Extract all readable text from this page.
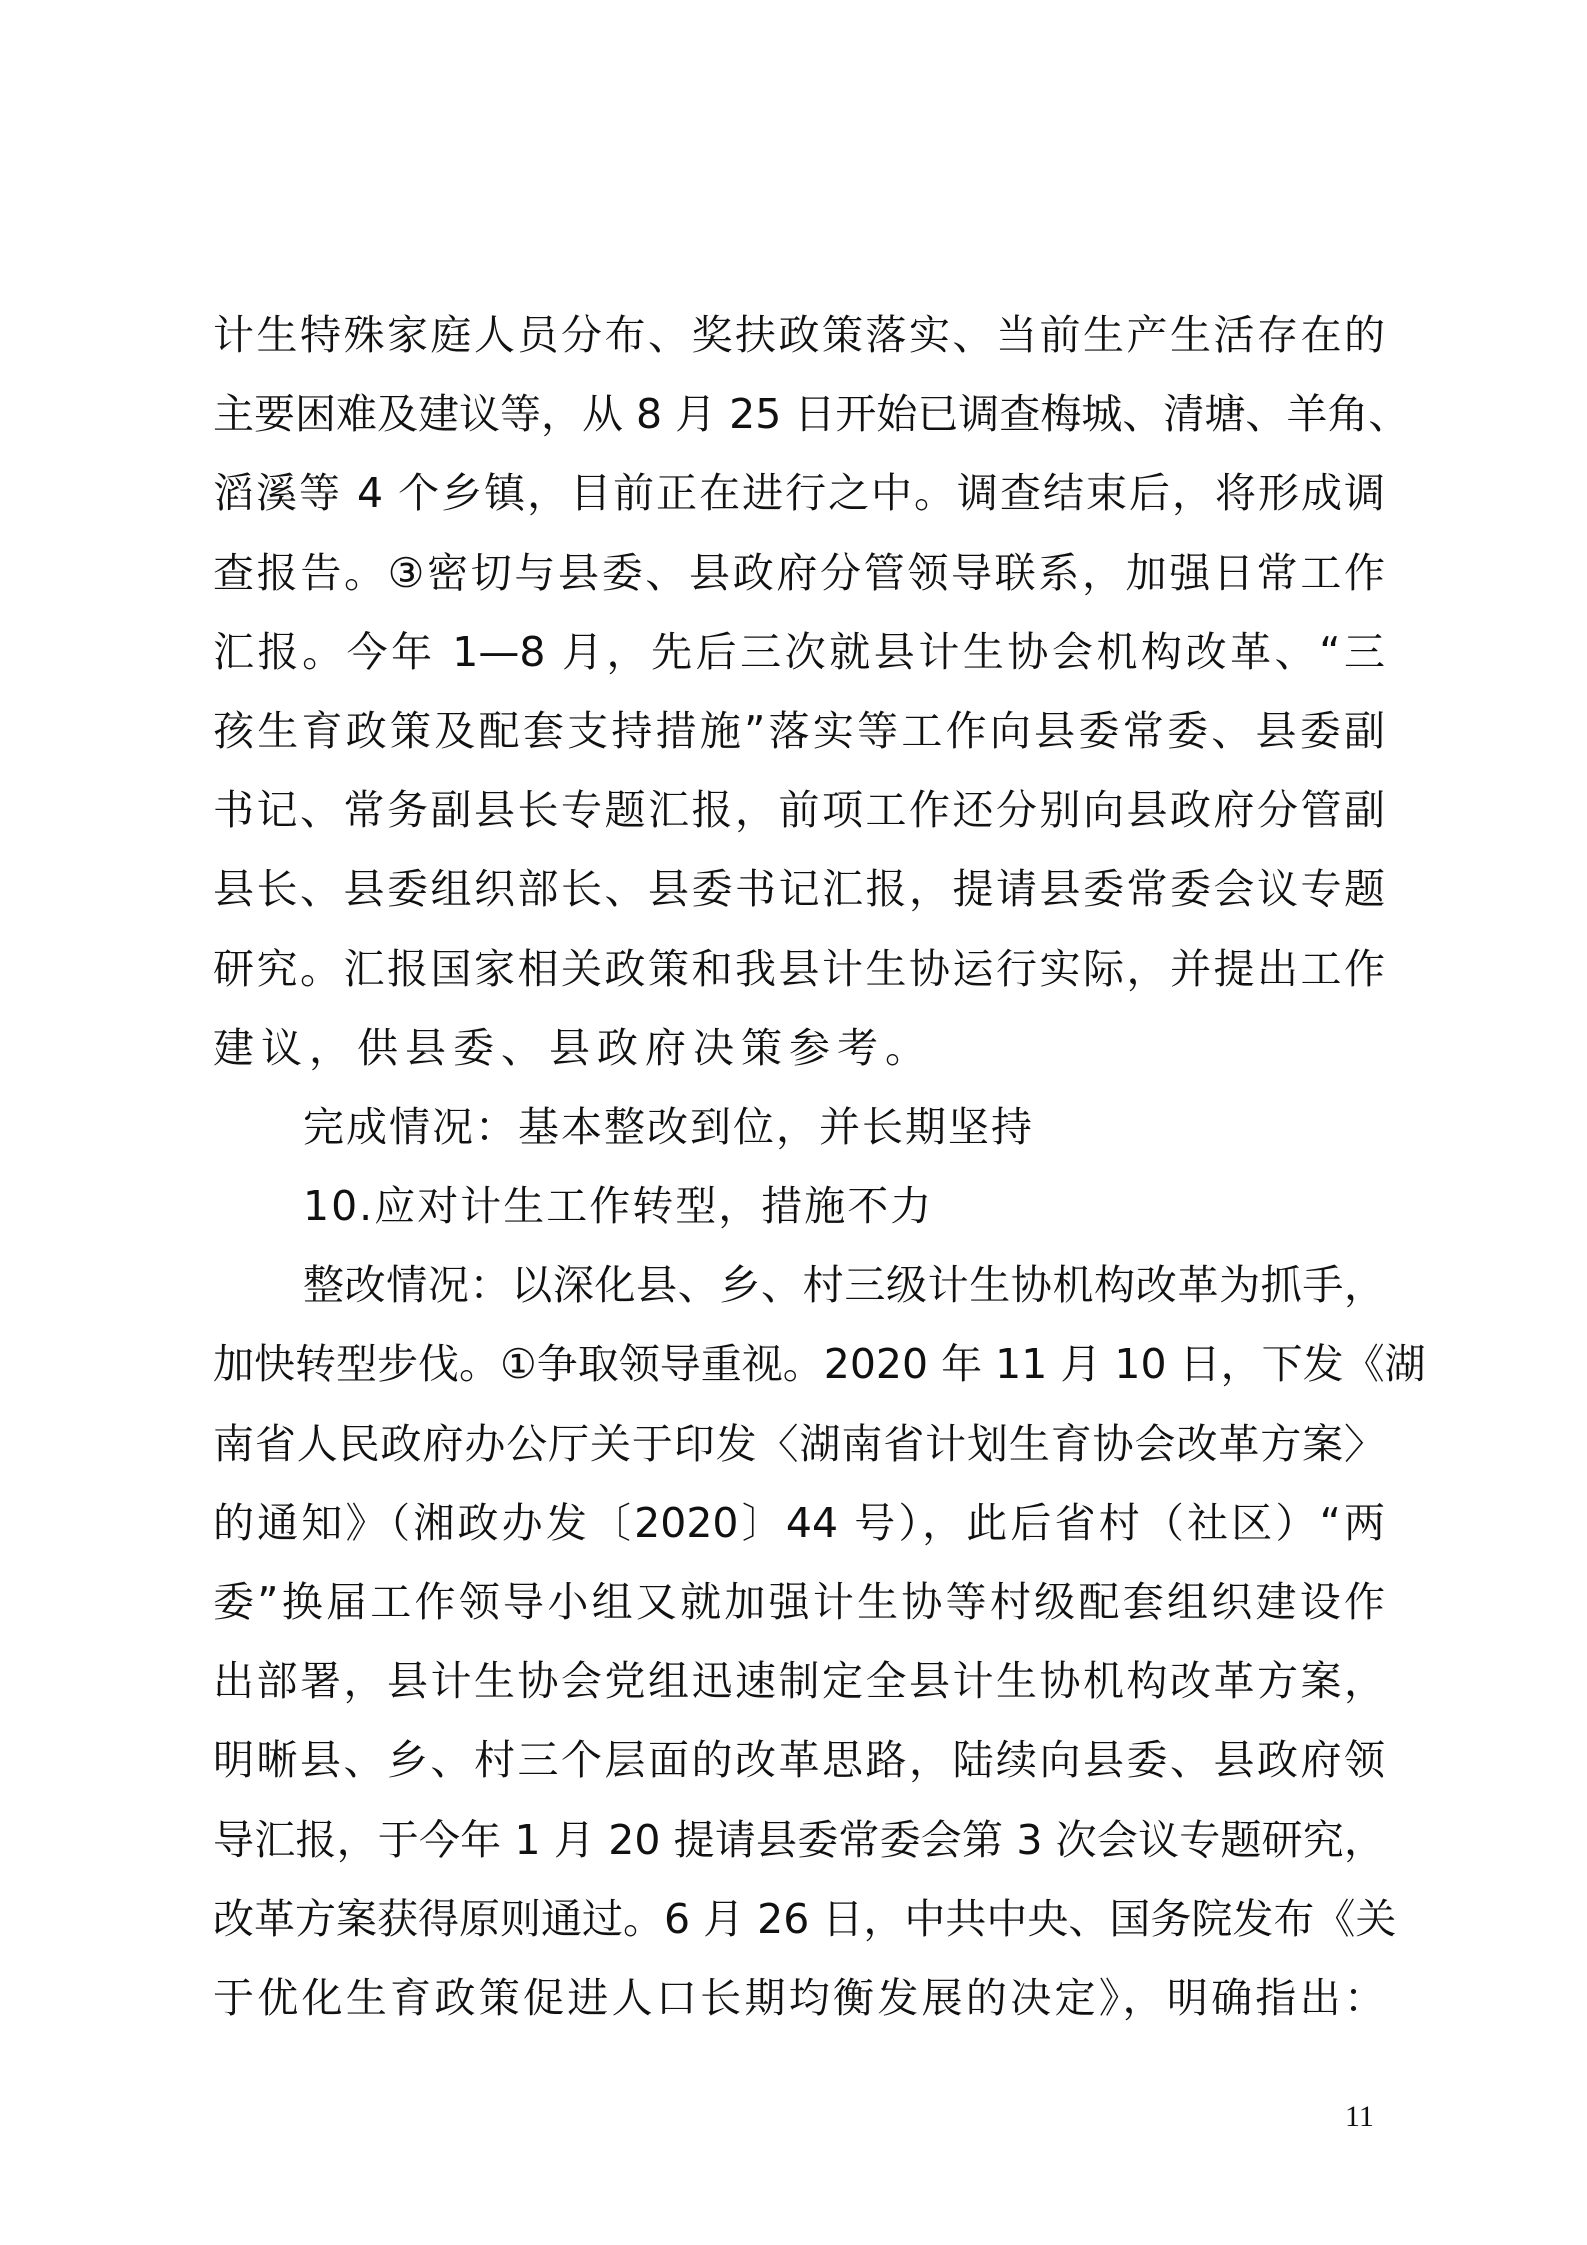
计生特殊家庭人员分布、奖扶政策落实、当前生产生活存在的
主要困难及建议等，从 8 月 25 日开始已调查梅城、清塘、羊角、
滔溪等 4 个乡镇，目前正在进行之中。调查结束后，将形成调
查报告。③密切与县委、县政府分管领导联系，加强日常工作
汇报。今年 1—8 月，先后三次就县计生协会机构改革、“三
孩生育政策及配套支持措施”落实等工作向县委常委、县委副
书记、常务副县长专题汇报，前项工作还分别向县政府分管副
县长、县委组织部长、县委书记汇报，提请县委常委会议专题
研究。汇报国家相关政策和我县计生协运行实际，并提出工作
建议，供县委、县政府决策参考。
完成情况：基本整改到位，并长期坚持
10.应对计生工作转型，措施不力
整改情况：以深化县、乡、村三级计生协机构改革为抓手，
加快转型步伐。①争取领导重视。2020 年 11 月 10 日，下发《湖
南省人民政府办公厅关于印发〈湖南省计划生育协会改革方案〉
的通知》（湘政办发〔2020〕44 号），此后省村（社区）“两
委”换届工作领导小组又就加强计生协等村级配套组织建设作
出部署，县计生协会党组迅速制定全县计生协机构改革方案，
明晰县、乡、村三个层面的改革思路，陆续向县委、县政府领
导汇报，于今年 1 月 20 提请县委常委会第 3 次会议专题研究，
改革方案获得原则通过。6 月 26 日，中共中央、国务院发布《关
于优化生育政策促进人口长期均衡发展的决定》，明确指出：
11
